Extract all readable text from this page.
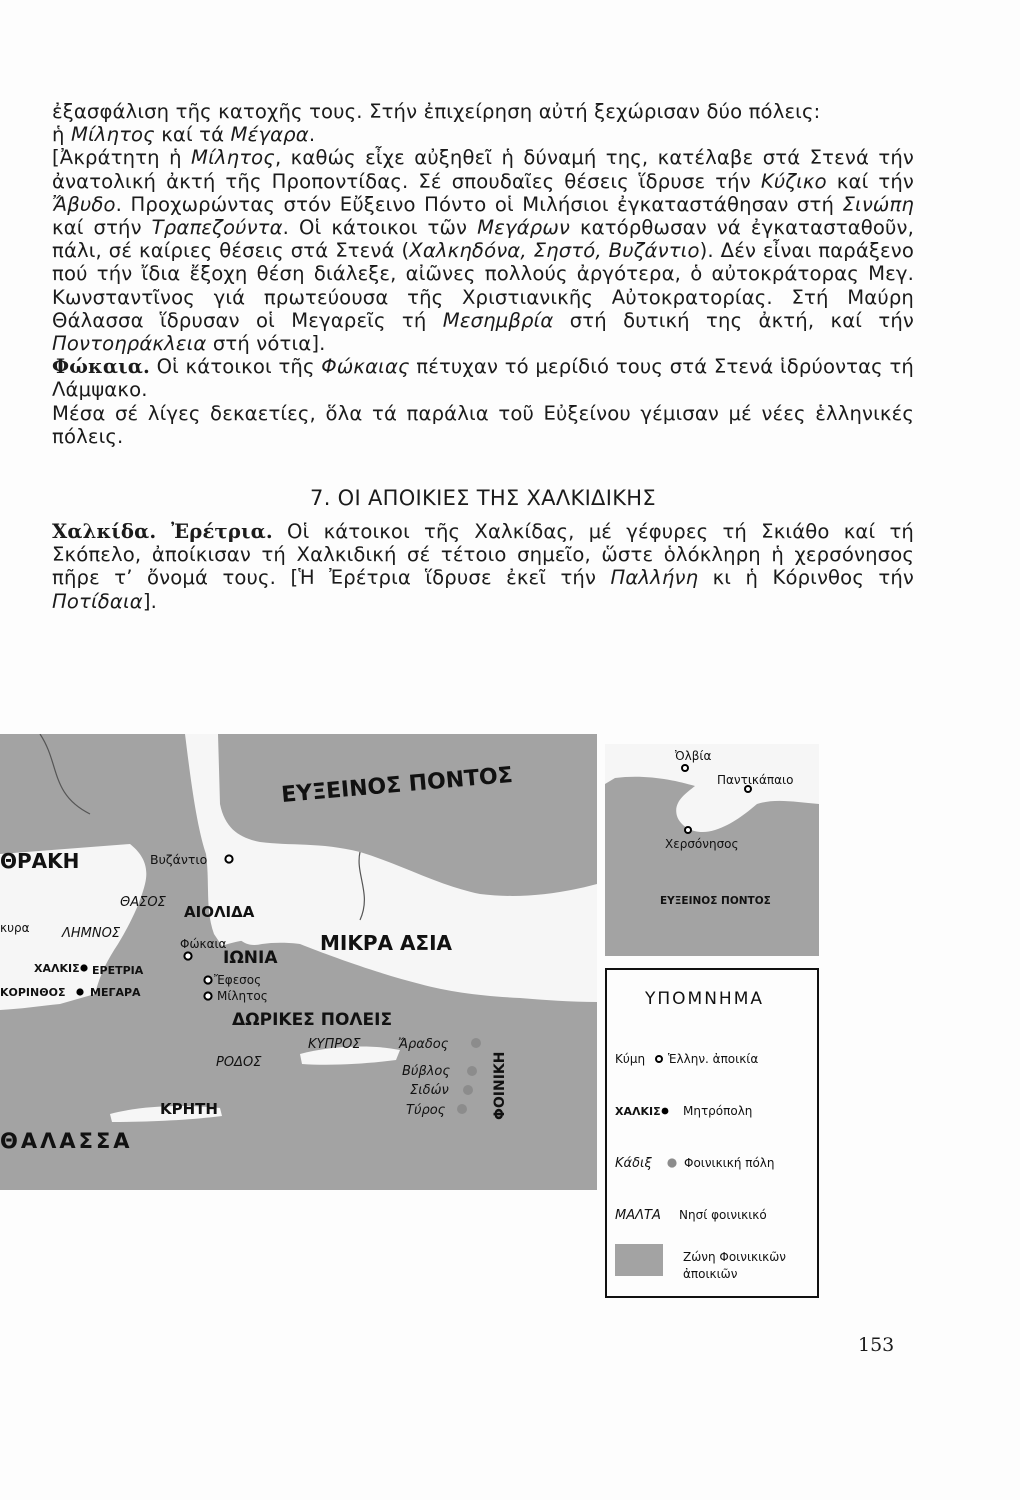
ἐξασφάλιση τῆς κατοχῆς τους. Στήν ἐπιχείρηση αὐτή ξεχώρισαν δύο πόλεις:
ἡ Μίλητος καί τά Μέγαρα.

[Ἀκράτητη ἡ Μίλητος, καθώς εἶχε αὐξηθεῖ ἡ δύναμή της, κατέλαβε στά Στενά τήν ἀνατολική ἀκτή τῆς Προποντίδας. Σέ σπουδαῖες θέσεις ἵδρυσε τήν Κύζικο καί τήν Ἄβυδο. Προχωρώντας στόν Εὔξεινο Πόντο οἱ Μιλήσιοι ἐγκαταστάθησαν στή Σινώπη καί στήν Τραπεζούντα. Οἱ κάτοικοι τῶν Μεγάρων κατόρθωσαν νά ἐγκατασταθοῦν, πάλι, σέ καίριες θέσεις στά Στενά (Χαλκηδόνα, Σηστό, Βυζάντιο). Δέν εἶναι παράξενο πού τήν ἴδια ἔξοχη θέση διάλεξε, αἰῶνες πολλούς ἀργότερα, ὁ αὐτοκράτορας Μεγ. Κωνσταντῖνος γιά πρωτεύουσα τῆς Χριστιανικῆς Αὐτοκρατορίας. Στή Μαύρη Θάλασσα ἵδρυσαν οἱ Μεγαρεῖς τή Μεσημβρία στή δυτική της ἀκτή, καί τήν Ποντοηράκλεια στή νότια].

Φώκαια. Οἱ κάτοικοι τῆς Φώκαιας πέτυχαν τό μερίδιό τους στά Στενά ἱδρύοντας τή Λάμψακο.

Μέσα σέ λίγες δεκαετίες, ὅλα τά παράλια τοῦ Εὐξείνου γέμισαν μέ νέες ἑλληνικές πόλεις.

7. ΟΙ ΑΠΟΙΚΙΕΣ ΤΗΣ ΧΑΛΚΙΔΙΚΗΣ

Χαλκίδα. Ἐρέτρια. Οἱ κάτοικοι τῆς Χαλκίδας, μέ γέφυρες τή Σκιάθο καί τή Σκόπελο, ἀποίκισαν τή Χαλκιδική σέ τέτοιο σημεῖο, ὥστε ὁλόκληρη ἡ χερσόνησος πῆρε τ’ ὄνομά τους. [Ἡ Ἐρέτρια ἵδρυσε ἐκεῖ τήν Παλλήνη κι ἡ Κόρινθος τήν Ποτίδαια].

ΕΥΞΕΙΝΟΣ ΠΟΝΤΟΣ
ΘΡΑΚΗ	Βυζάντιο
ΘΑΣΟΣ
ΑΙΟΛΙΔΑ
κυρα ΛΗΜΝΟΣ
Φώκαια
ΙΩΝΙΑ
ΜΙΚΡΑ ΑΣΙΑ
ΧΑΛΚΙΣ ΕΡΕΤΡΙΑ
Ἔφεσος
ΚΟΡΙΝΘΟΣ ΜΕΓΑΡΑ	Μίλητος
ΔΩΡΙΚΕΣ ΠΟΛΕΙΣ
ΚΥΠΡΟΣ	Ἄραδος
ΡΟΔΟΣ
Βύβλος
Σιδών
Τύρος	ΦΟΙΝΙΚΗ
ΚΡΗΤΗ
ΘΑΛΑΣΣΑ
Ὀλβία
Παντικάπαιο
Χερσόνησος
ΕΥΞΕΙΝΟΣ ΠΟΝΤΟΣ
ΥΠΟΜΝΗΜΑ
Κύμη Ἑλλην. ἀποικία
ΧΑΛΚΙΣ Μητρόπολη
Κάδιξ	Φοινικική πόλη
ΜΑΛΤΑ Νησί φοινικικό
Ζώνη Φοινικικῶν
ἀποικιῶν
153
